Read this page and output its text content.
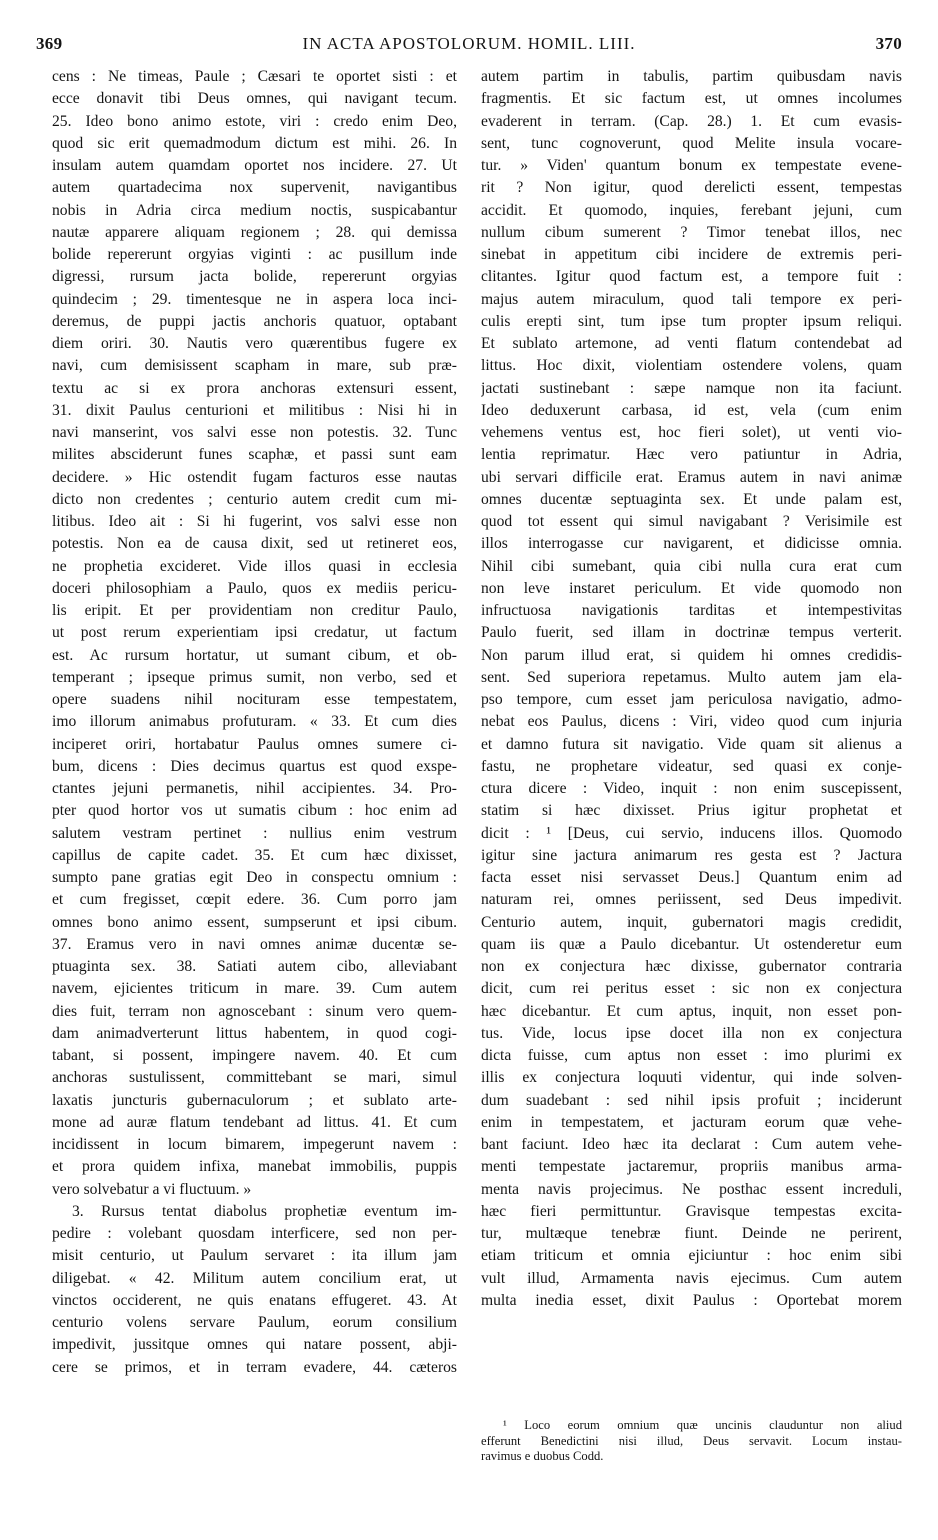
369	IN ACTA APOSTOLORUM. HOMIL. LIII.	370
cens : Ne timeas, Paule ; Cæsari te oportet sisti : et
ecce donavit tibi Deus omnes, qui navigant tecum.
25. Ideo bono animo estote, viri : credo enim Deo,
quod sic erit quemadmodum dictum est mihi. 26. In
insulam autem quamdam oportet nos incidere. 27. Ut
autem quartadecima nox supervenit, navigantibus
nobis in Adria circa medium noctis, suspicabantur
nautæ apparere aliquam regionem ; 28. qui demissa
bolide repererunt orgyias viginti : ac pusillum inde
digressi, rursum jacta bolide, repererunt orgyias
quindecim ; 29. timentesque ne in aspera loca inci-
deremus, de puppi jactis anchoris quatuor, optabant
diem oriri. 30. Nautis vero quærentibus fugere ex
navi, cum demisissent scapham in mare, sub præ-
textu ac si ex prora anchoras extensuri essent,
31. dixit Paulus centurioni et militibus : Nisi hi in
navi manserint, vos salvi esse non potestis. 32. Tunc
milites absciderunt funes scaphæ, et passi sunt eam
decidere. » Hic ostendit fugam facturos esse nautas
dicto non credentes ; centurio autem credit cum mi-
litibus. Ideo ait : Si hi fugerint, vos salvi esse non
potestis. Non ea de causa dixit, sed ut retineret eos,
ne prophetia excideret. Vide illos quasi in ecclesia
doceri philosophiam a Paulo, quos ex mediis pericu-
lis eripit. Et per providentiam non creditur Paulo,
ut post rerum experientiam ipsi credatur, ut factum
est. Ac rursum hortatur, ut sumant cibum, et ob-
temperant ; ipseque primus sumit, non verbo, sed et
opere suadens nihil nocituram esse tempestatem,
imo illorum animabus profuturam. « 33. Et cum dies
inciperet oriri, hortabatur Paulus omnes sumere ci-
bum, dicens : Dies decimus quartus est quod exspe-
ctantes jejuni permanetis, nihil accipientes. 34. Pro-
pter quod hortor vos ut sumatis cibum : hoc enim ad
salutem vestram pertinet : nullius enim vestrum
capillus de capite cadet. 35. Et cum hæc dixisset,
sumpto pane gratias egit Deo in conspectu omnium :
et cum fregisset, cœpit edere. 36. Cum porro jam
omnes bono animo essent, sumpserunt et ipsi cibum.
37. Eramus vero in navi omnes animæ ducentæ se-
ptuaginta sex. 38. Satiati autem cibo, alleviabant
navem, ejicientes triticum in mare. 39. Cum autem
dies fuit, terram non agnoscebant : sinum vero quem-
dam animadverterunt littus habentem, in quod cogi-
tabant, si possent, impingere navem. 40. Et cum
anchoras sustulissent, committebant se mari, simul
laxatis juncturis gubernaculorum ; et sublato arte-
mone ad auræ flatum tendebant ad littus. 41. Et cum
incidissent in locum bimarem, impegerunt navem :
et prora quidem infixa, manebat immobilis, puppis
vero solvebatur a vi fluctuum. »
3. Rursus tentat diabolus prophetiæ eventum im-
pedire : volebant quosdam interficere, sed non per-
misit centurio, ut Paulum servaret : ita illum jam
diligebat. « 42. Militum autem concilium erat, ut
vinctos occiderent, ne quis enatans effugeret. 43. At
centurio volens servare Paulum, eorum consilium
impedivit, jussitque omnes qui natare possent, abji-
cere se primos, et in terram evadere, 44. cæteros
autem partim in tabulis, partim quibusdam navis
fragmentis. Et sic factum est, ut omnes incolumes
evaderent in terram. (Cap. 28.) 1. Et cum evasis-
sent, tunc cognoverunt, quod Melite insula vocare-
tur. » Viden' quantum bonum ex tempestate evene-
rit ? Non igitur, quod derelicti essent, tempestas
accidit. Et quomodo, inquies, ferebant jejuni, cum
nullum cibum sumerent ? Timor tenebat illos, nec
sinebat in appetitum cibi incidere de extremis peri-
clitantes. Igitur quod factum est, a tempore fuit :
majus autem miraculum, quod tali tempore ex peri-
culis erepti sint, tum ipse tum propter ipsum reliqui.
Et sublato artemone, ad venti flatum contendebat ad
littus. Hoc dixit, violentiam ostendere volens, quam
jactati sustinebant : sæpe namque non ita faciunt.
Ideo deduxerunt carbasa, id est, vela (cum enim
vehemens ventus est, hoc fieri solet), ut venti vio-
lentia reprimatur. Hæc vero patiuntur in Adria,
ubi servari difficile erat. Eramus autem in navi animæ
omnes ducentæ septuaginta sex. Et unde palam est,
quod tot essent qui simul navigabant ? Verisimile est
illos interrogasse cur navigarent, et didicisse omnia.
Nihil cibi sumebant, quia cibi nulla cura erat cum
non leve instaret periculum. Et vide quomodo non
infructuosa navigationis tarditas et intempestivitas
Paulo fuerit, sed illam in doctrinæ tempus verterit.
Non parum illud erat, si quidem hi omnes credidis-
sent. Sed superiora repetamus. Multo autem jam ela-
pso tempore, cum esset jam periculosa navigatio, admo-
nebat eos Paulus, dicens : Viri, video quod cum injuria
et damno futura sit navigatio. Vide quam sit alienus a
fastu, ne prophetare videatur, sed quasi ex conje-
ctura dicere : Video, inquit : non enim suscepissent,
statim si hæc dixisset. Prius igitur prophetat et
dicit : ¹ [Deus, cui servio, inducens illos. Quomodo
igitur sine jactura animarum res gesta est ? Jactura
facta esset nisi servasset Deus.] Quantum enim ad
naturam rei, omnes periissent, sed Deus impedivit.
Centurio autem, inquit, gubernatori magis credidit,
quam iis quæ a Paulo dicebantur. Ut ostenderetur eum
non ex conjectura hæc dixisse, gubernator contraria
dicit, cum rei peritus esset : sic non ex conjectura
hæc dicebantur. Et cum aptus, inquit, non esset pon-
tus. Vide, locus ipse docet illa non ex conjectura
dicta fuisse, cum aptus non esset : imo plurimi ex
illis ex conjectura loquuti videntur, qui inde solven-
dum suadebant : sed nihil ipsis profuit ; inciderunt
enim in tempestatem, et jacturam eorum quæ vehe-
bant faciunt. Ideo hæc ita declarat : Cum autem vehe-
menti tempestate jactaremur, propriis manibus arma-
menta navis projecimus. Ne posthac essent increduli,
hæc fieri permittuntur. Gravisque tempestas excita-
tur, multæque tenebræ fiunt. Deinde ne perirent,
etiam triticum et omnia ejiciuntur : hoc enim sibi
vult illud, Armamenta navis ejecimus. Cum autem
multa inedia esset, dixit Paulus : Oportebat morem
¹ Loco eorum omnium quæ uncinis clauduntur non aliud
efferunt Benedictini nisi illud, Deus servavit. Locum instau-
ravimus e duobus Codd.
